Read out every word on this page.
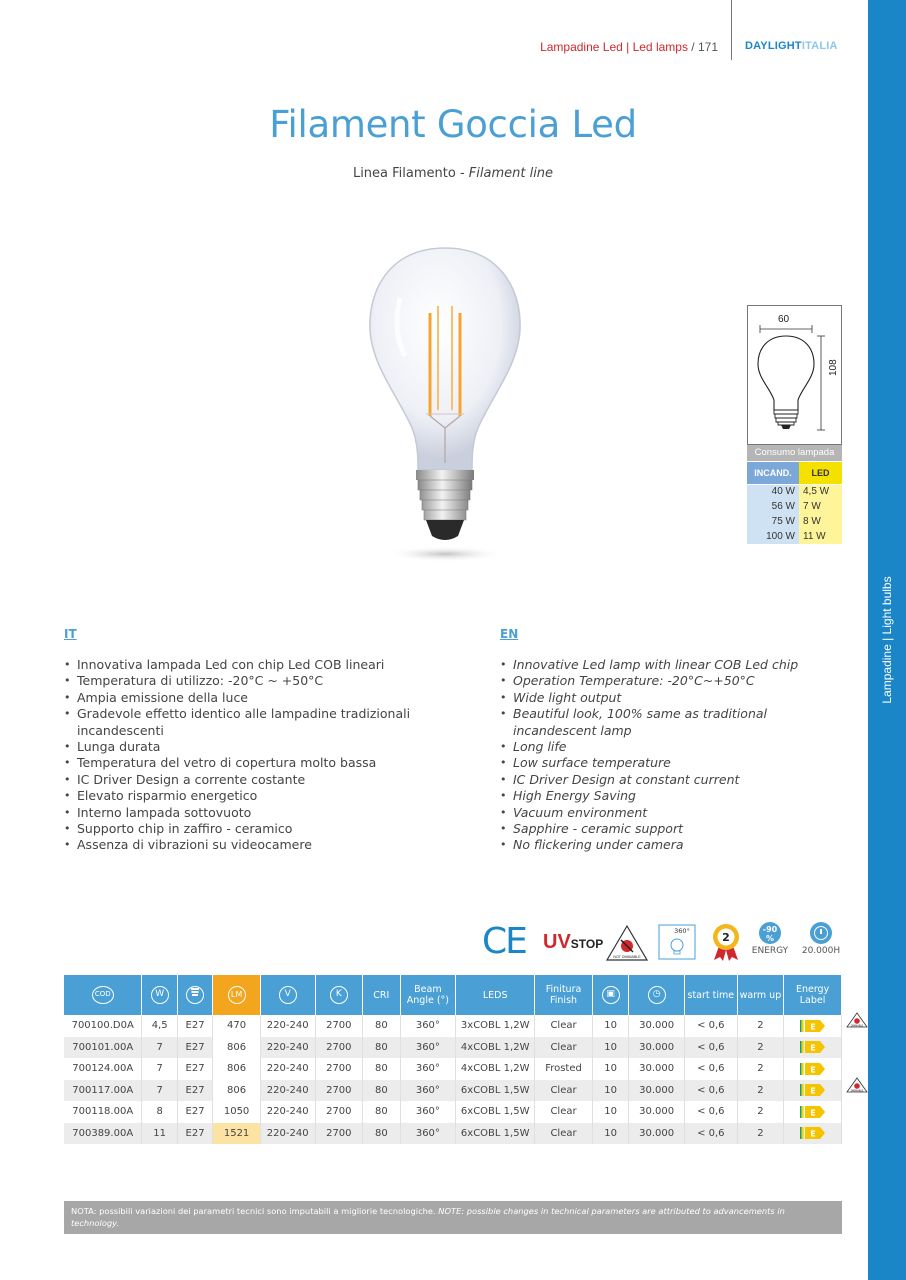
Lampadine | Light bulbs
Lampadine Led | Led lamps / 171 DAYLIGHTITALIA
Filament Goccia Led
Linea Filamento - Filament line
60
108
Consumo lampada
INCAND.	LED
40 W	4,5 W
56 W	7 W
75 W	8 W
100 W	11 W
IT
• Innovativa lampada Led con chip Led COB lineari
• Temperatura di utilizzo: -20°C ~ +50°C
• Ampia emissione della luce
• Gradevole effetto identico alle lampadine tradizionali incandescenti
• Lunga durata
• Temperatura del vetro di copertura molto bassa
• IC Driver Design a corrente costante
• Elevato risparmio energetico
• Interno lampada sottovuoto
• Supporto chip in zaffiro - ceramico
• Assenza di vibrazioni su videocamere
EN
• Innovative Led lamp with linear COB Led chip
• Operation Temperature: -20°C~+50°C
• Wide light output
• Beautiful look, 100% same as traditional incandescent lamp
• Long life
• Low surface temperature
• IC Driver Design at constant current
• High Energy Saving
• Vacuum environment
• Sapphire - ceramic support
• No flickering under camera
CE UVSTOP
NOT DIMMABLE
360°	2
-90
%
ENERGY	20.000H
COD	W		LM	V	K	CRI	Beam Angle (°)	LEDS	Finitura Finish	▣	◷	start time	warm up	Energy Label
700100.D0A	4,5	E27	470	220-240	2700	80	360°	3xCOBL 1,2W	Clear	10	30.000	< 0,6	2	E

700101.00A	7	E27	806	220-240	2700	80	360°	4xCOBL 1,2W	Clear	10	30.000	< 0,6	2	E

700124.00A	7	E27	806	220-240	2700	80	360°	4xCOBL 1,2W	Frosted	10	30.000	< 0,6	2	E

700117.00A	7	E27	806	220-240	2700	80	360°	6xCOBL 1,5W	Clear	10	30.000	< 0,6	2	E

700118.00A	8	E27	1050	220-240	2700	80	360°	6xCOBL 1,5W	Clear	10	30.000	< 0,6	2	E

700389.00A	11	E27	1521	220-240	2700	80	360°	6xCOBL 1,5W	Clear	10	30.000	< 0,6	2	E
DIMMABLE
DIMMABLE
NOTA: possibili variazioni dei parametri tecnici sono imputabili a migliorie tecnologiche. NOTE: possible changes in technical parameters are attributed to advancements in technology.
